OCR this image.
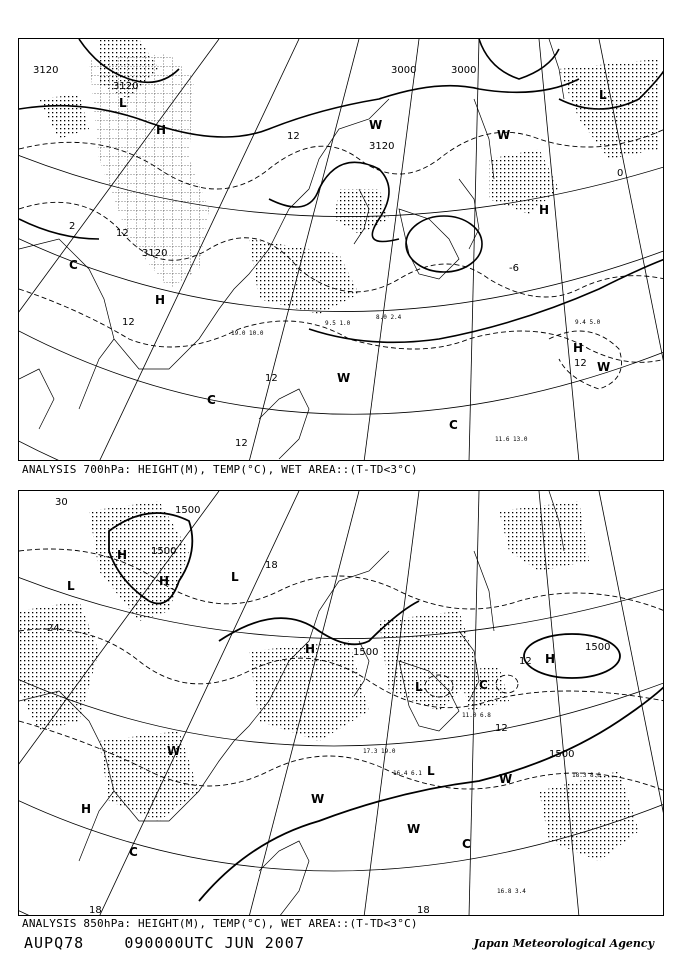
3120
3120
3000	3000
3120
3120
12
12
12
12
-6
0
2
12
12
H
H
H
H
L
L
C
C
W
W
W
W
C
9.4 5.0
11.6 13.0
19.0 10.0
8.0 2.4
9.5 1.0
ANALYSIS 700hPa: HEIGHT(M), TEMP(°C), WET AREA::(T-TD<3°C)
1500
1500
1500	1500
1500
30
24
18
12
12
18	18
H
H
H
H
H
L
L
L
L
C
C
C
W
W
W
W
18.3 8.0
16.8 3.4
17.3 19.0
16.4 6.1
11.0 6.8
ANALYSIS 850hPa: HEIGHT(M), TEMP(°C), WET AREA::(T-TD<3°C)
AUPQ78	090000UTC JUN 2007	Japan Meteorological Agency
